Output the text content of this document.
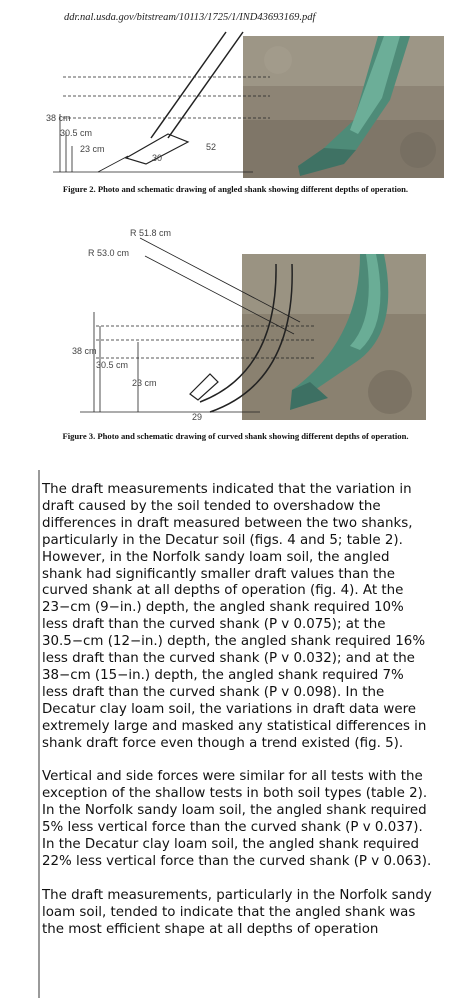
ddr.nal.usda.gov/bitstream/10113/1725/1/IND43693169.pdf
38 cm
30.5 cm
23 cm
30
52
Figure 2. Photo and schematic drawing of angled shank showing different depths of operation.
R 51.8 cm
R 53.0 cm
38 cm
30.5 cm
23 cm
29
Figure 3. Photo and schematic drawing of curved shank showing different depths of operation.

The draft measurements indicated that the variation in draft caused by the soil tended to overshadow the differences in draft measured between the two shanks, particularly in the Decatur soil (figs. 4 and 5; table 2). However, in the Norfolk sandy loam soil, the angled shank had significantly smaller draft values than the curved shank at all depths of operation (fig. 4). At the 23−cm (9−in.) depth, the angled shank required 10% less draft than the curved shank (P v 0.075); at the 30.5−cm (12−in.) depth, the angled shank required 16% less draft than the curved shank (P v 0.032); and at the 38−cm (15−in.) depth, the angled shank required 7% less draft than the curved shank (P v 0.098). In the Decatur clay loam soil, the variations in draft data were extremely large and masked any statistical differences in shank draft force even though a trend existed (fig. 5).

Vertical and side forces were similar for all tests with the exception of the shallow tests in both soil types (table 2). In the Norfolk sandy loam soil, the angled shank required 5% less vertical force than the curved shank (P v 0.037). In the Decatur clay loam soil, the angled shank required 22% less vertical force than the curved shank (P v 0.063).

The draft measurements, particularly in the Norfolk sandy loam soil, tended to indicate that the angled shank was the most efficient shape at all depths of operation
